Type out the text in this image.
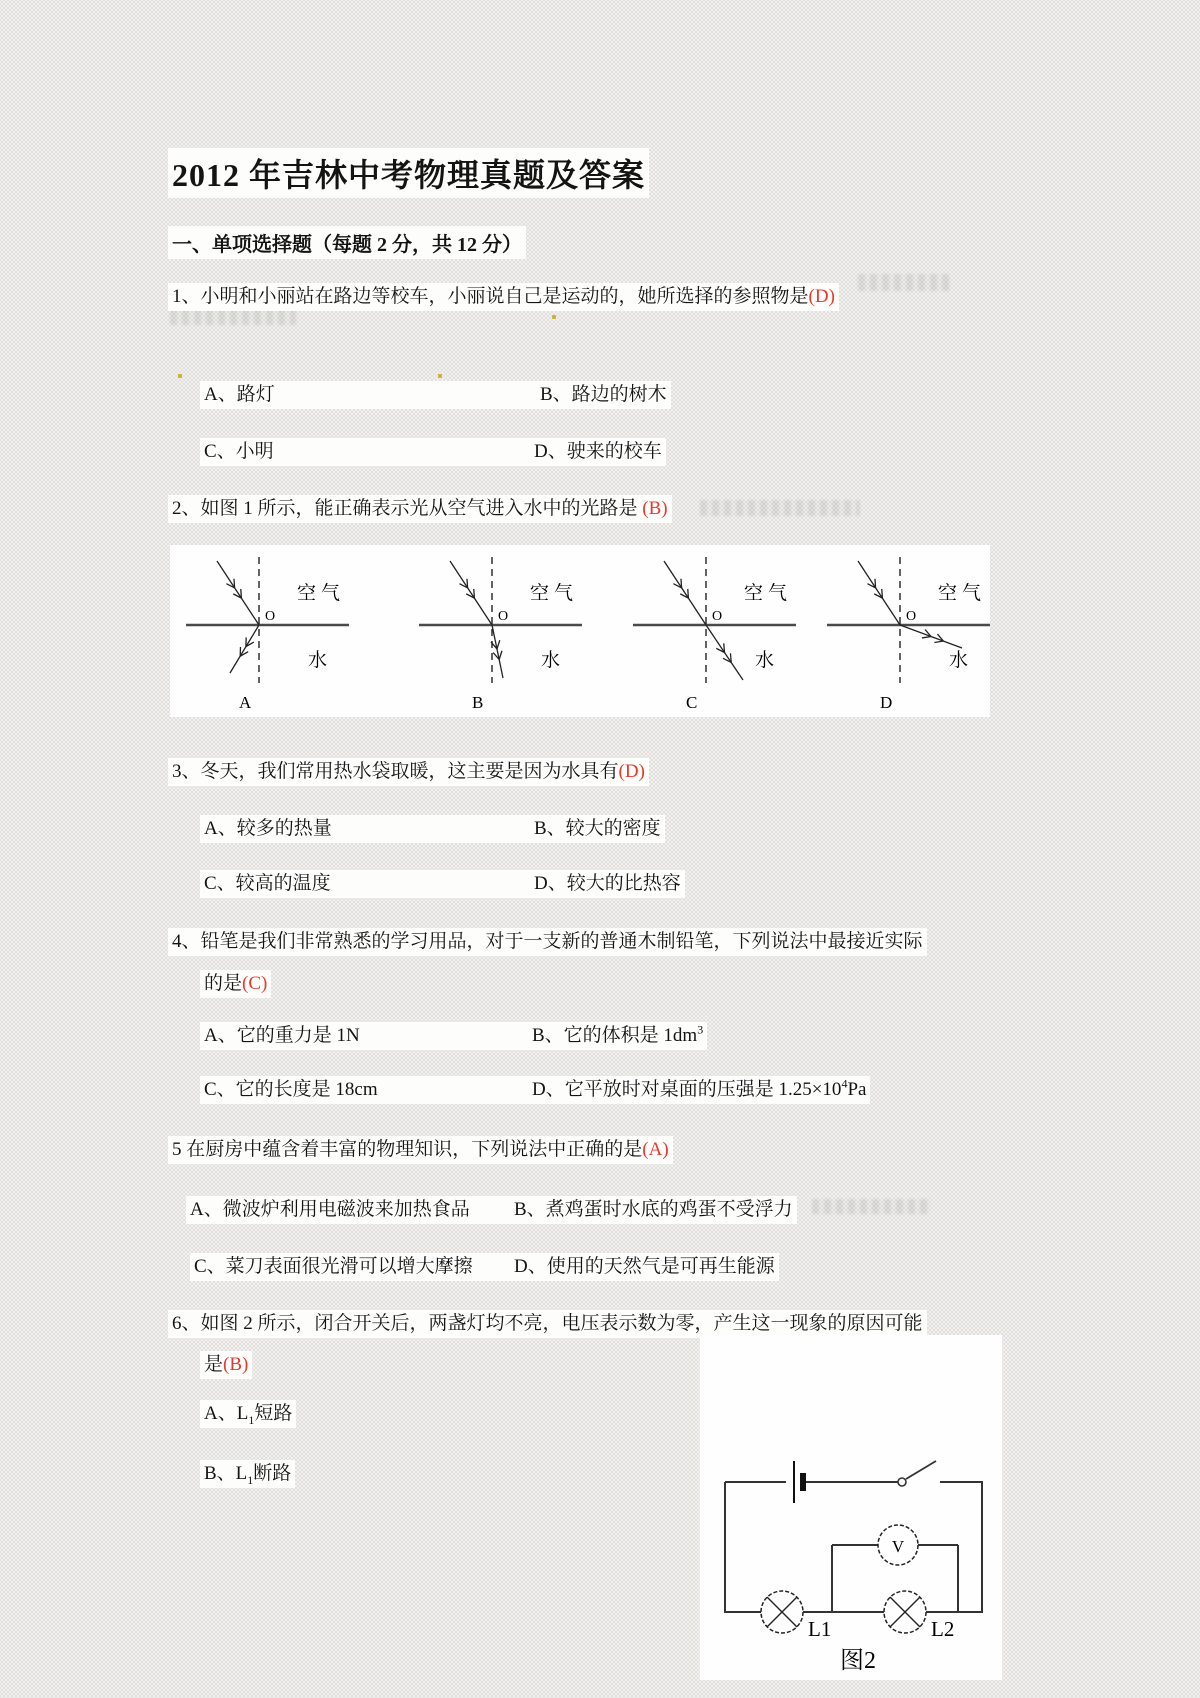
2012 年吉林中考物理真题及答案
一、单项选择题（每题 2 分，共 12 分）
1、小明和小丽站在路边等校车，小丽说自己是运动的，她所选择的参照物是(D)
A、路灯	B、路边的树木
C、小明	D、驶来的校车
2、如图 1 所示，能正确表示光从空气进入水中的光路是 (B)
空气
水
O
A
空气
水
O
B
空气
水
O
C
空气
水
O
D
3、冬天，我们常用热水袋取暖，这主要是因为水具有(D)
A、较多的热量	B、较大的密度
C、较高的温度	D、较大的比热容
4、铅笔是我们非常熟悉的学习用品，对于一支新的普通木制铅笔，下列说法中最接近实际
的是(C)
A、它的重力是 1N	B、它的体积是 $1dm^3$
C、它的长度是 18cm	D、它平放时对桌面的压强是 $1.25\times 10^4Pa$
5 在厨房中蕴含着丰富的物理知识，下列说法中正确的是(A)
A、微波炉利用电磁波来加热食品	B、煮鸡蛋时水底的鸡蛋不受浮力
C、菜刀表面很光滑可以增大摩擦	D、使用的天然气是可再生能源
6、如图 2 所示，闭合开关后，两盏灯均不亮，电压表示数为零，产生这一现象的原因可能
是(B)
A、$L_1$短路
B、$L_1$断路
V
L1	L2
图2
